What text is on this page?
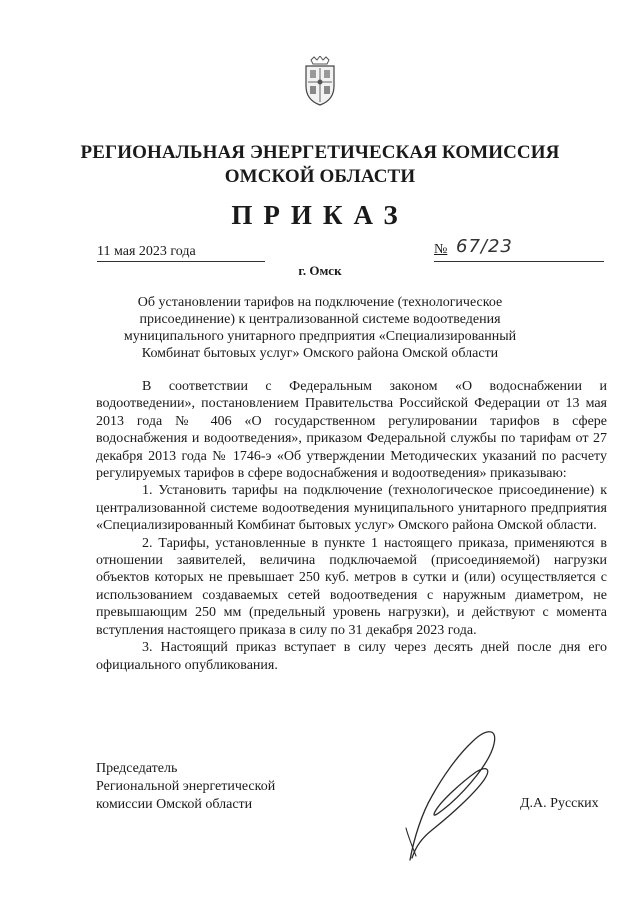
РЕГИОНАЛЬНАЯ ЭНЕРГЕТИЧЕСКАЯ КОМИССИЯ
ОМСКОЙ ОБЛАСТИ
ПРИКАЗ
11 мая 2023 года	№ 67/23
г. Омск
Об установлении тарифов на подключение (технологическое
присоединение) к централизованной системе водоотведения
муниципального унитарного предприятия «Специализированный
Комбинат бытовых услуг» Омского района Омской области

В соответствии с Федеральным законом «О водоснабжении и водоотведении», постановлением Правительства Российской Федерации от 13 мая 2013 года № 406 «О государственном регулировании тарифов в сфере водоснабжения и водоотведения», приказом Федеральной службы по тарифам от 27 декабря 2013 года № 1746-э «Об утверждении Методических указаний по расчету регулируемых тарифов в сфере водоснабжения и водоотведения» приказываю:

1. Установить тарифы на подключение (технологическое присоединение) к централизованной системе водоотведения муниципального унитарного предприятия «Специализированный Комбинат бытовых услуг» Омского района Омской области.

2. Тарифы, установленные в пункте 1 настоящего приказа, применяются в отношении заявителей, величина подключаемой (присоединяемой) нагрузки объектов которых не превышает 250 куб. метров в сутки и (или) осуществляется с использованием создаваемых сетей водоотведения с наружным диаметром, не превышающим 250 мм (предельный уровень нагрузки), и действуют с момента вступления настоящего приказа в силу по 31 декабря 2023 года.

3. Настоящий приказ вступает в силу через десять дней после дня его официального опубликования.

Председатель
Региональной энергетической
комиссии Омской области	Д.А. Русских
